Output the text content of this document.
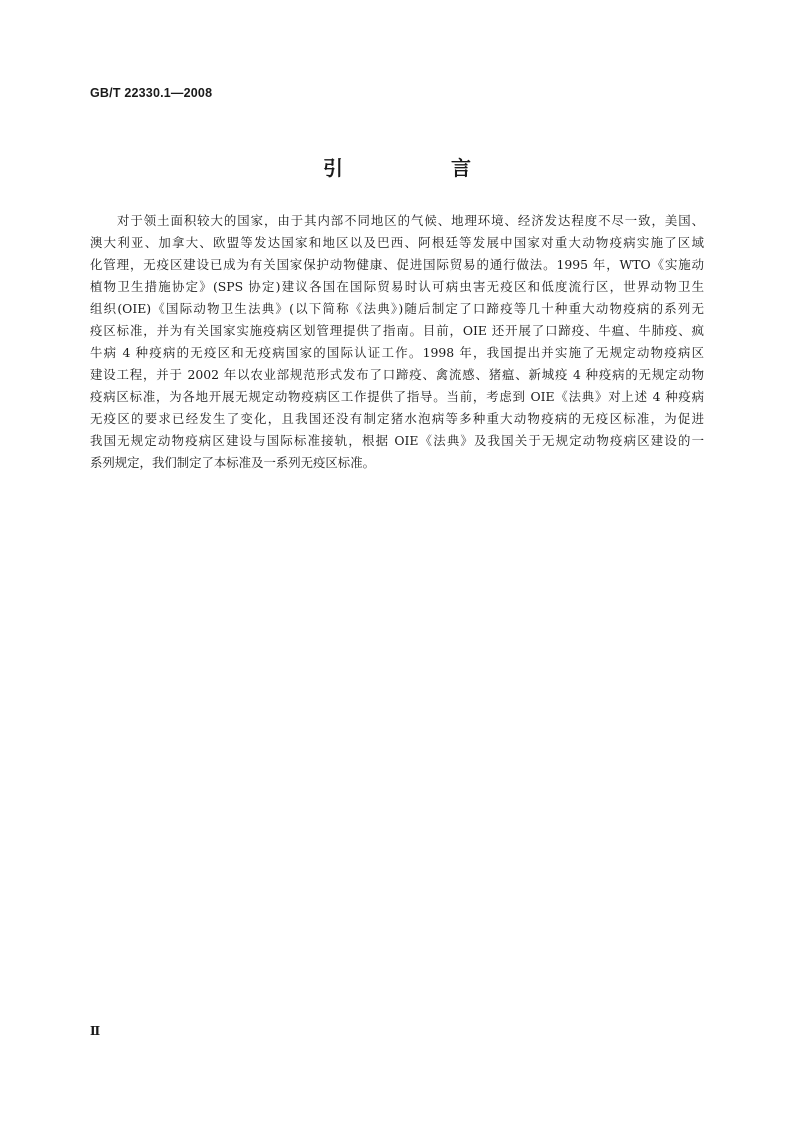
GB/T 22330.1—2008
引　言
对于领土面积较大的国家，由于其内部不同地区的气候、地理环境、经济发达程度不尽一致，美国、
澳大利亚、加拿大、欧盟等发达国家和地区以及巴西、阿根廷等发展中国家对重大动物疫病实施了区域
化管理，无疫区建设已成为有关国家保护动物健康、促进国际贸易的通行做法。1995 年，WTO《实施动
植物卫生措施协定》(SPS 协定)建议各国在国际贸易时认可病虫害无疫区和低度流行区，世界动物卫生
组织(OIE)《国际动物卫生法典》(以下简称《法典》)随后制定了口蹄疫等几十种重大动物疫病的系列无
疫区标准，并为有关国家实施疫病区划管理提供了指南。目前，OIE 还开展了口蹄疫、牛瘟、牛肺疫、疯
牛病 4 种疫病的无疫区和无疫病国家的国际认证工作。1998 年，我国提出并实施了无规定动物疫病区
建设工程，并于 2002 年以农业部规范形式发布了口蹄疫、禽流感、猪瘟、新城疫 4 种疫病的无规定动物
疫病区标准，为各地开展无规定动物疫病区工作提供了指导。当前，考虑到 OIE《法典》对上述 4 种疫病
无疫区的要求已经发生了变化，且我国还没有制定猪水泡病等多种重大动物疫病的无疫区标准，为促进
我国无规定动物疫病区建设与国际标准接轨，根据 OIE《法典》及我国关于无规定动物疫病区建设的一
系列规定，我们制定了本标准及一系列无疫区标准。
Ⅱ
